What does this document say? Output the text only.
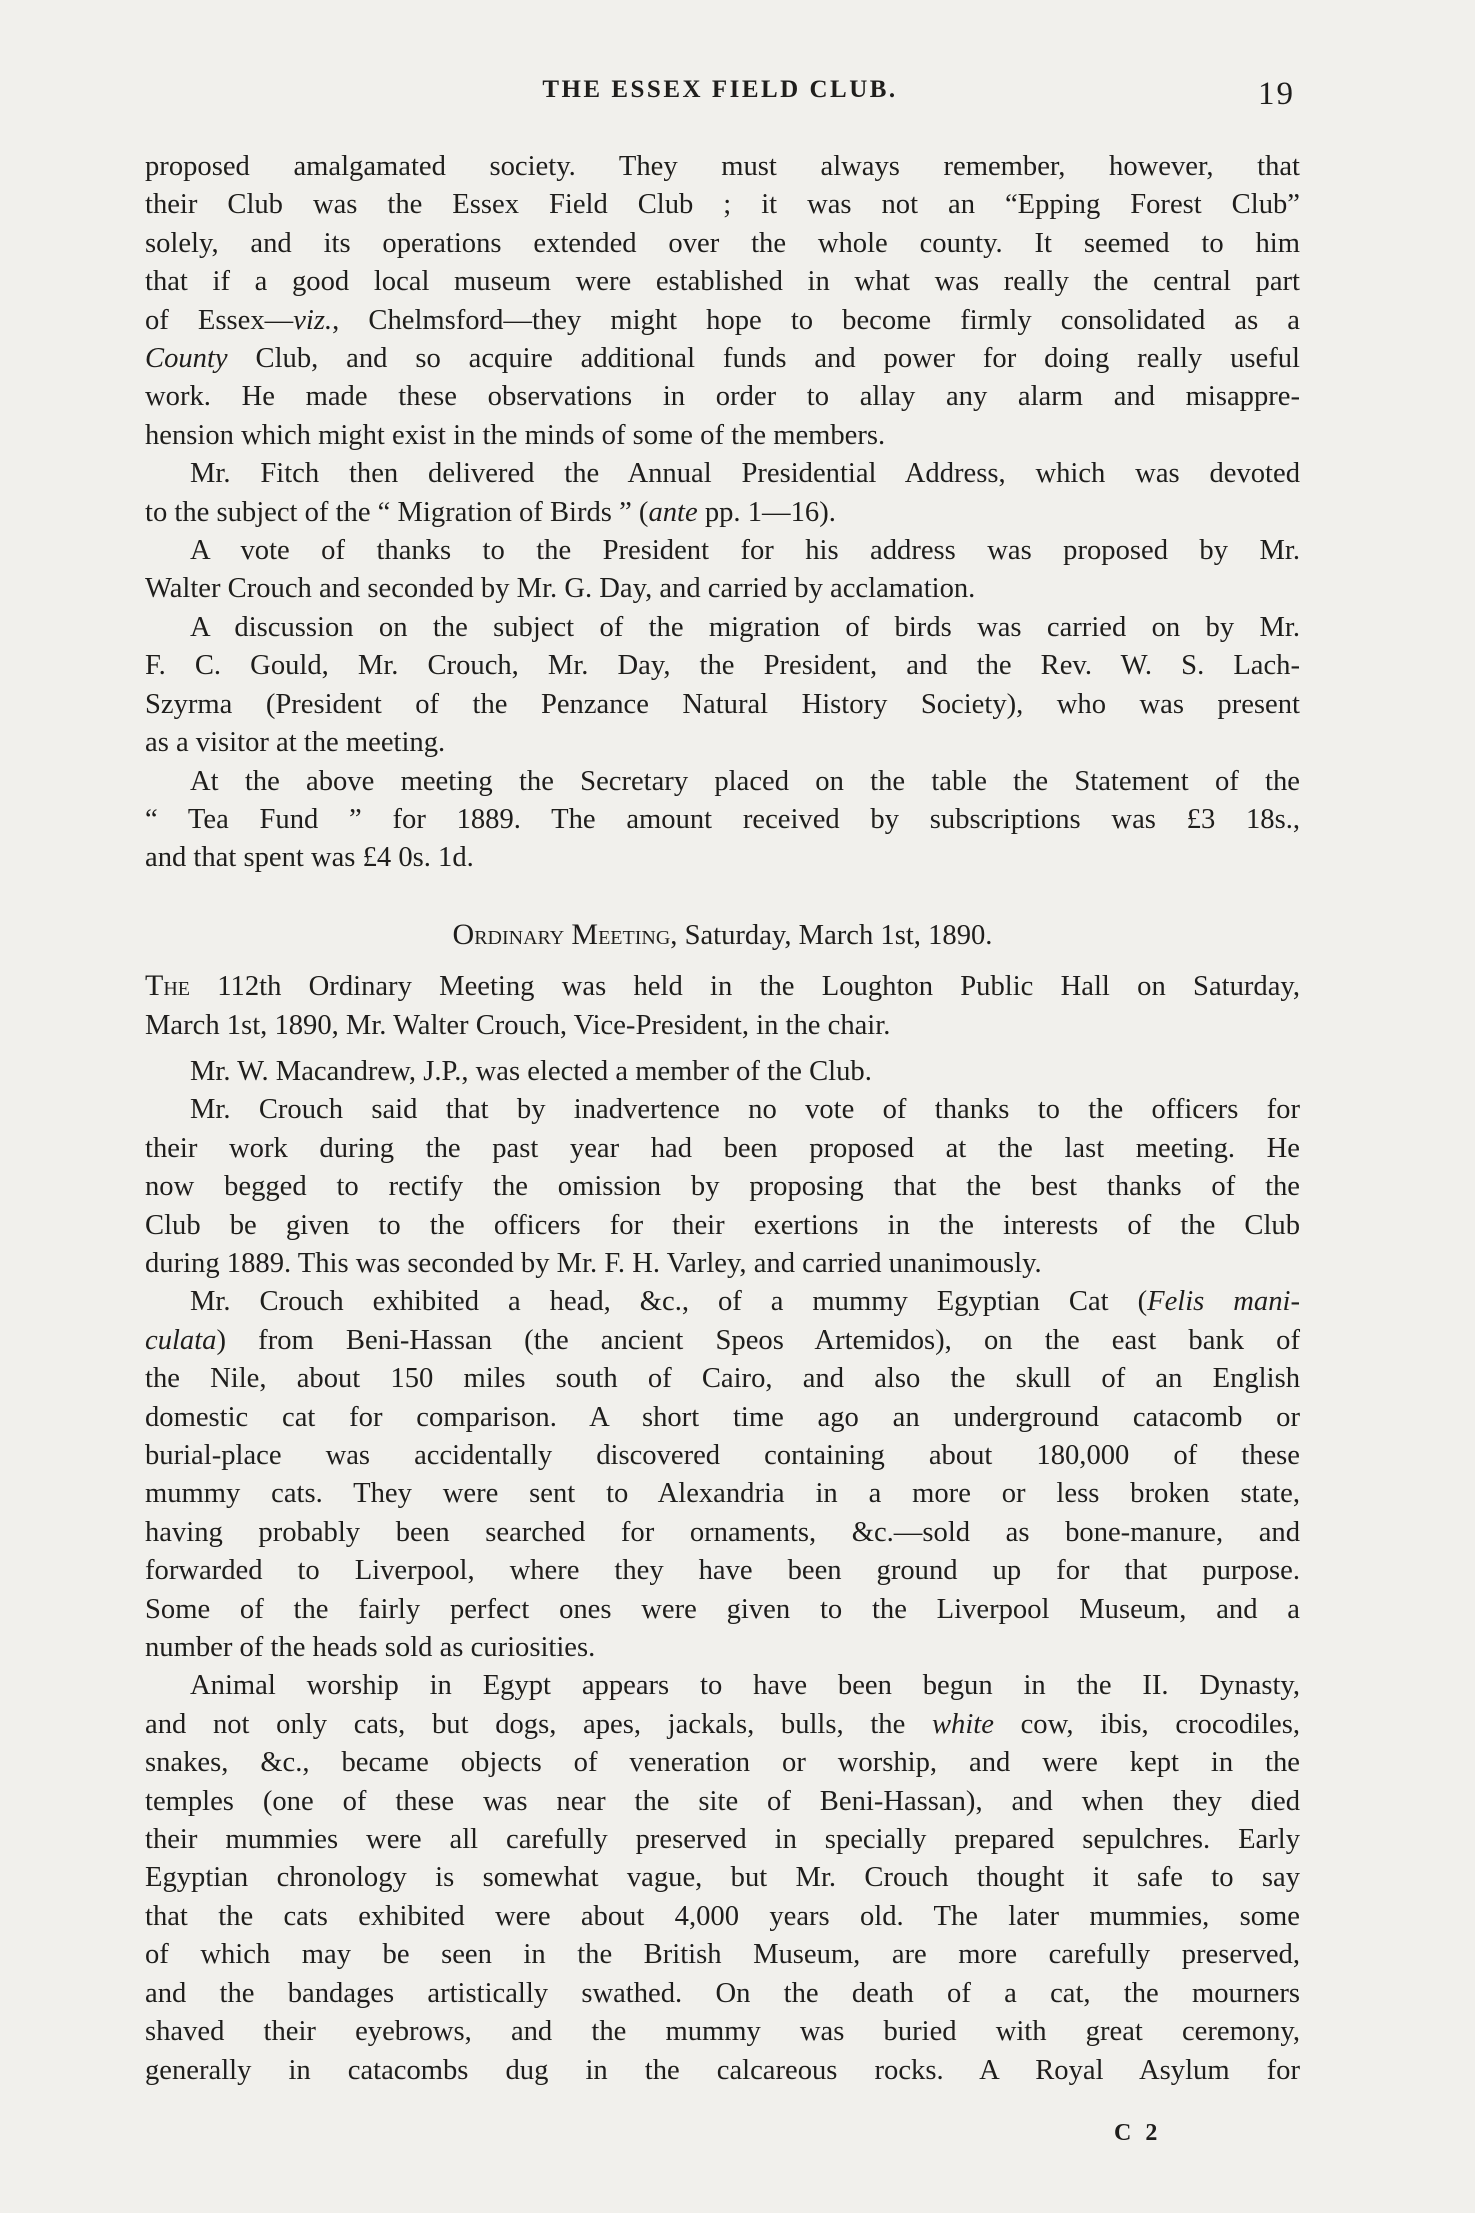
THE ESSEX FIELD CLUB.	19

proposed amalgamated society. They must always remember, however, that
their Club was the Essex Field Club ; it was not an “Epping Forest Club”
solely, and its operations extended over the whole county. It seemed to him
that if a good local museum were established in what was really the central part
of Essex—viz., Chelmsford—they might hope to become firmly consolidated as a
County Club, and so acquire additional funds and power for doing really useful
work. He made these observations in order to allay any alarm and misappre-
hension which might exist in the minds of some of the members.

Mr. Fitch then delivered the Annual Presidential Address, which was devoted
to the subject of the “ Migration of Birds ” (ante pp. 1—16).

A vote of thanks to the President for his address was proposed by Mr.
Walter Crouch and seconded by Mr. G. Day, and carried by acclamation.

A discussion on the subject of the migration of birds was carried on by Mr.
F. C. Gould, Mr. Crouch, Mr. Day, the President, and the Rev. W. S. Lach-
Szyrma (President of the Penzance Natural History Society), who was present
as a visitor at the meeting.

At the above meeting the Secretary placed on the table the Statement of the
“ Tea Fund ” for 1889. The amount received by subscriptions was £3 18s.,
and that spent was £4 0s. 1d.

Ordinary Meeting, Saturday, March 1st, 1890.

The 112th Ordinary Meeting was held in the Loughton Public Hall on Saturday,
March 1st, 1890, Mr. Walter Crouch, Vice-President, in the chair.

Mr. W. Macandrew, J.P., was elected a member of the Club.

Mr. Crouch said that by inadvertence no vote of thanks to the officers for
their work during the past year had been proposed at the last meeting. He
now begged to rectify the omission by proposing that the best thanks of the
Club be given to the officers for their exertions in the interests of the Club
during 1889. This was seconded by Mr. F. H. Varley, and carried unanimously.

Mr. Crouch exhibited a head, &c., of a mummy Egyptian Cat (Felis mani-
culata) from Beni-Hassan (the ancient Speos Artemidos), on the east bank of
the Nile, about 150 miles south of Cairo, and also the skull of an English
domestic cat for comparison. A short time ago an underground catacomb or
burial-place was accidentally discovered containing about 180,000 of these
mummy cats. They were sent to Alexandria in a more or less broken state,
having probably been searched for ornaments, &c.—sold as bone-manure, and
forwarded to Liverpool, where they have been ground up for that purpose.
Some of the fairly perfect ones were given to the Liverpool Museum, and a
number of the heads sold as curiosities.

Animal worship in Egypt appears to have been begun in the II. Dynasty,
and not only cats, but dogs, apes, jackals, bulls, the white cow, ibis, crocodiles,
snakes, &c., became objects of veneration or worship, and were kept in the
temples (one of these was near the site of Beni-Hassan), and when they died
their mummies were all carefully preserved in specially prepared sepulchres. Early
Egyptian chronology is somewhat vague, but Mr. Crouch thought it safe to say
that the cats exhibited were about 4,000 years old. The later mummies, some
of which may be seen in the British Museum, are more carefully preserved,
and the bandages artistically swathed. On the death of a cat, the mourners
shaved their eyebrows, and the mummy was buried with great ceremony,
generally in catacombs dug in the calcareous rocks. A Royal Asylum for

C 2
